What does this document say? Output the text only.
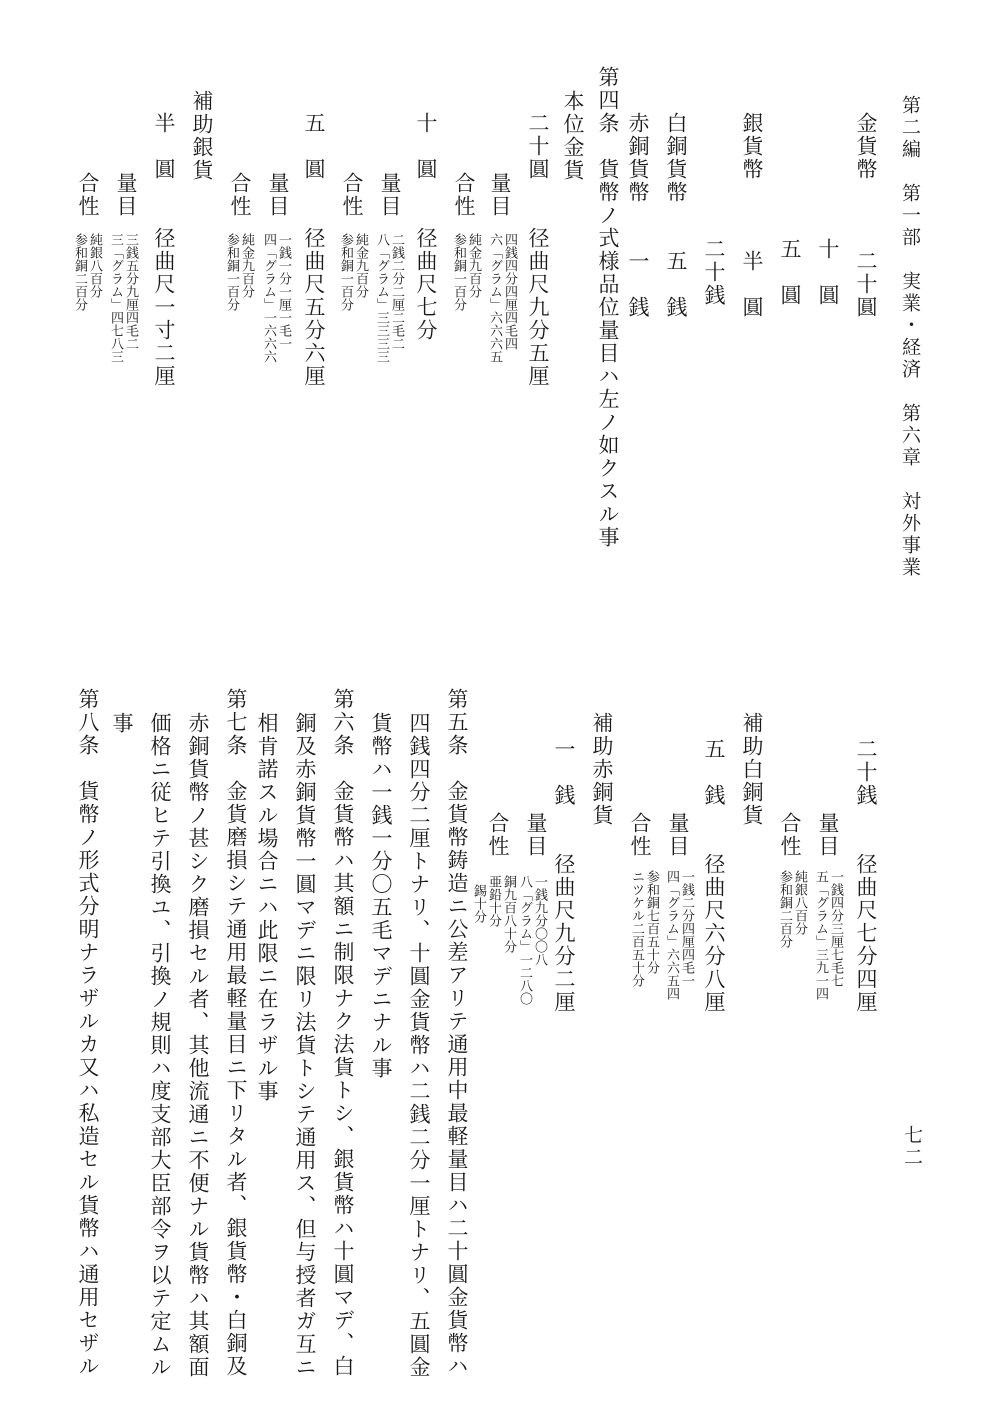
第二編　第一部　実業・経済　第六章　対外事業
七二
金貨幣　　　二十圓
十　圓
五　圓
銀貨幣　　　半　圓
二十銭
白銅貨幣　　五　銭
赤銅貨幣　　一　銭
第四条　貨幣ノ式様品位量目ハ左ノ如クスル事
本位金貨
二十圓　　径曲尺九分五厘
量目
四銭四分四厘四毛四
六「グラム」六六六五
合性
純金九百分
参和銅一百分
十　圓　　径曲尺七分
量目
二銭二分二厘二毛二
八「グラム」三三三三
合性
純金九百分
参和銅一百分
五　圓　　径曲尺五分六厘
量目
一銭一分一厘一毛一
四「グラム」一六六六
合性
純金九百分
参和銅一百分
補助銀貨
半　圓　　径曲尺一寸二厘
量目
三銭五分九厘四毛二
三「グラム」四七八三
合性
純銀八百分
参和銅二百分
二十銭　　径曲尺七分四厘
量目
一銭四分三厘七毛七
五「グラム」三九一四
合性
純銀八百分
参和銅二百分
補助白銅貨
五　銭　　径曲尺六分八厘
量目
一銭二分四厘四毛一
四「グラム」六六五四
合性
参和銅七百五十分
ニツケル二百五十分
補助赤銅貨
一　銭　　径曲尺九分二厘
量目
一銭九分〇〇八
八「グラム」一二八〇
合性
銅九百八十分
亜鉛十分
錫十分
第五条　金貨幣鋳造ニ公差アリテ通用中最軽量目ハ二十圓金貨幣ハ
四銭四分二厘トナリ、十圓金貨幣ハ二銭二分一厘トナリ、五圓金
貨幣ハ一銭一分〇五毛マデニナル事
第六条　金貨幣ハ其額ニ制限ナク法貨トシ、銀貨幣ハ十圓マデ、白
銅及赤銅貨幣一圓マデニ限リ法貨トシテ通用ス、但与授者ガ互ニ
相肯諾スル場合ニハ此限ニ在ラザル事
第七条　金貨磨損シテ通用最軽量目ニ下リタル者、銀貨幣・白銅及
赤銅貨幣ノ甚シク磨損セル者、其他流通ニ不便ナル貨幣ハ其額面
価格ニ従ヒテ引換ユ、引換ノ規則ハ度支部大臣部令ヲ以テ定ムル
事
第八条　貨幣ノ形式分明ナラザルカ又ハ私造セル貨幣ハ通用セザル
